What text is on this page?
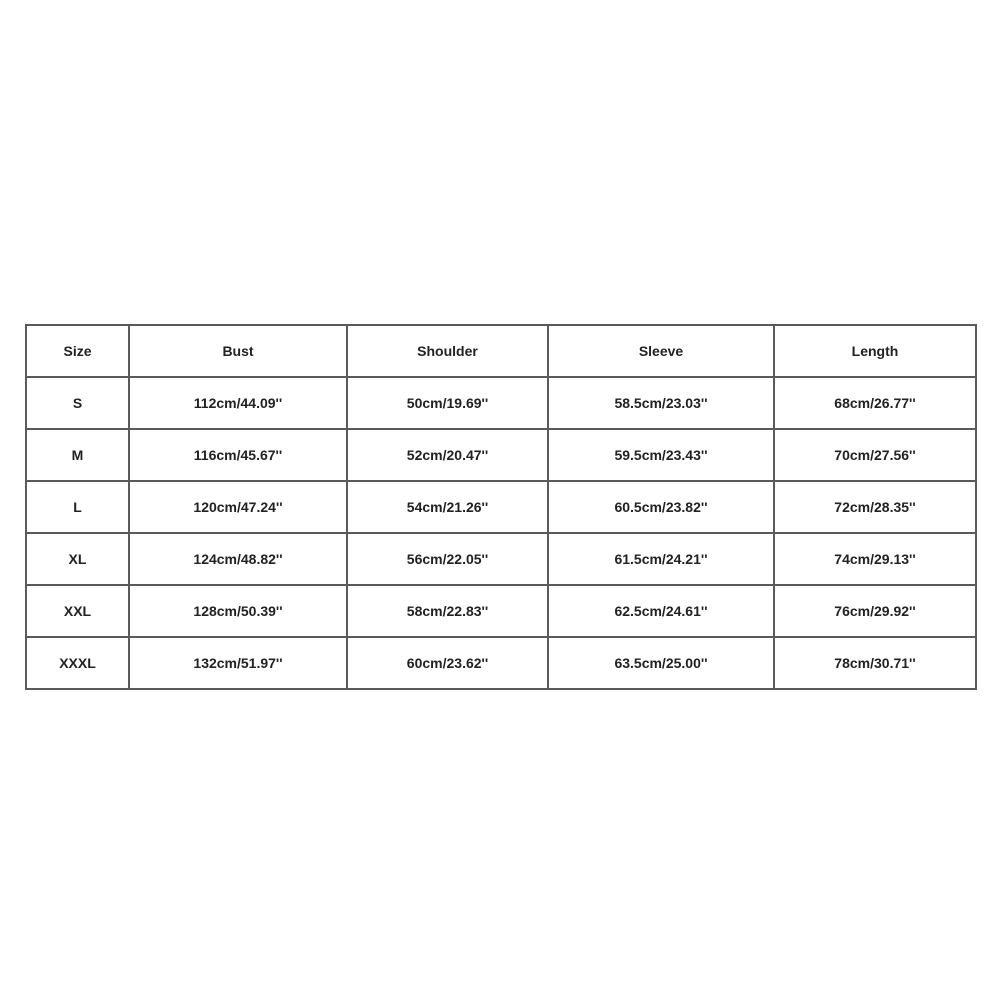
Size	Bust	Shoulder	Sleeve	Length
S	112cm/44.09''	50cm/19.69''	58.5cm/23.03''	68cm/26.77''
M	116cm/45.67''	52cm/20.47''	59.5cm/23.43''	70cm/27.56''
L	120cm/47.24''	54cm/21.26''	60.5cm/23.82''	72cm/28.35''
XL	124cm/48.82''	56cm/22.05''	61.5cm/24.21''	74cm/29.13''
XXL	128cm/50.39''	58cm/22.83''	62.5cm/24.61''	76cm/29.92''
XXXL	132cm/51.97''	60cm/23.62''	63.5cm/25.00''	78cm/30.71''
